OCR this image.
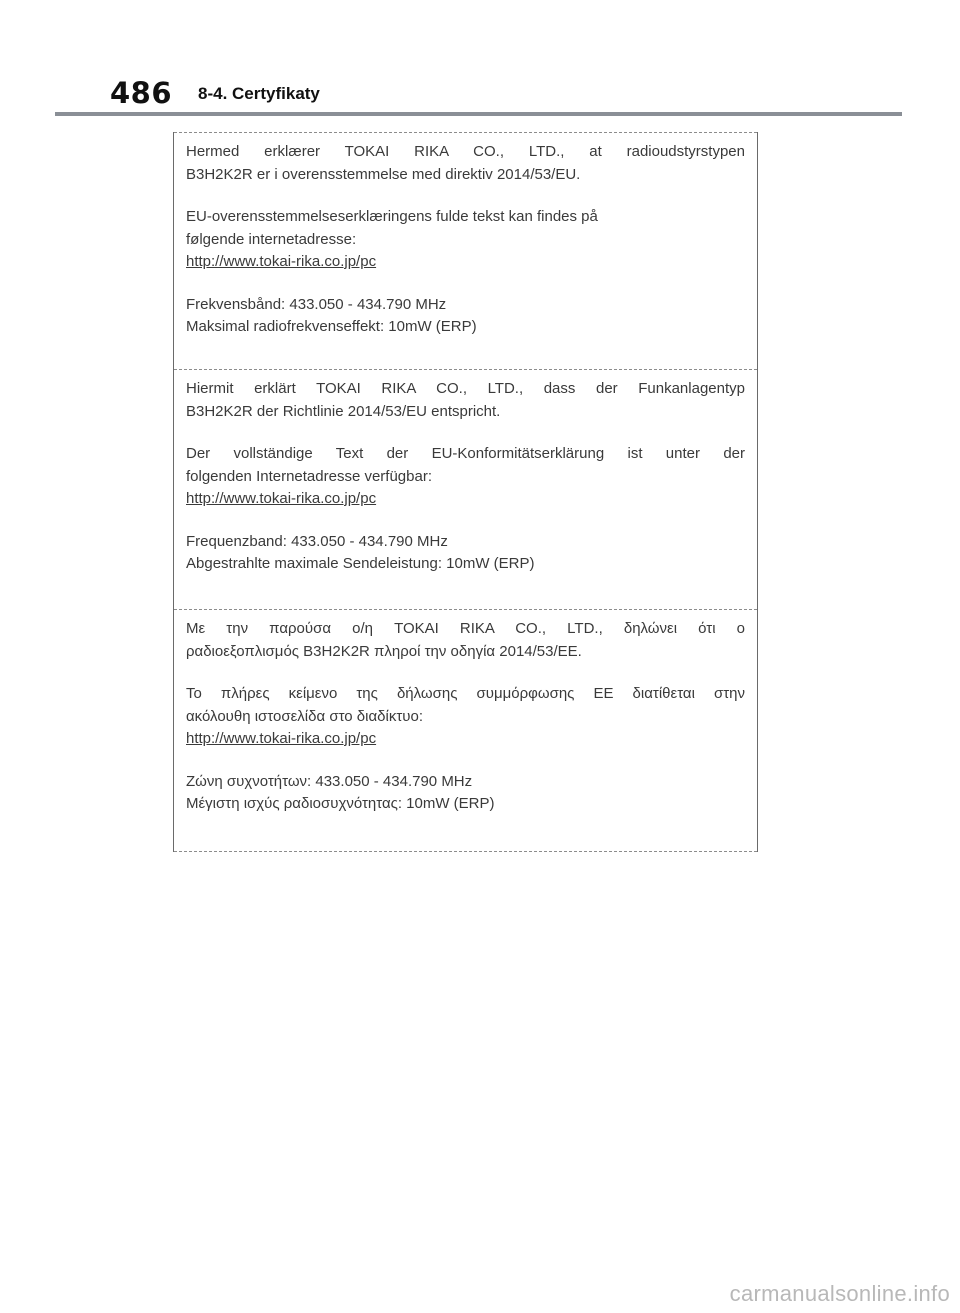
486 8-4. Certyfikaty
Hermed erklærer TOKAI RIKA CO., LTD., at radioudstyrstypen
B3H2K2R er i overensstemmelse med direktiv 2014/53/EU.
EU-overensstemmelseserklæringens fulde tekst kan findes på
følgende internetadresse:
http://www.tokai-rika.co.jp/pc
Frekvensbånd: 433.050 - 434.790 MHz
Maksimal radiofrekvenseffekt: 10mW (ERP)
Hiermit erklärt TOKAI RIKA CO., LTD., dass der Funkanlagentyp
B3H2K2R der Richtlinie 2014/53/EU entspricht.
Der vollständige Text der EU-Konformitätserklärung ist unter der
folgenden Internetadresse verfügbar:
http://www.tokai-rika.co.jp/pc
Frequenzband: 433.050 - 434.790 MHz
Abgestrahlte maximale Sendeleistung: 10mW (ERP)
Με την παρούσα ο/η TOKAI RIKA CO., LTD., δηλώνει ότι ο
ραδιοεξοπλισμός B3H2K2R πληροί την οδηγία 2014/53/ΕΕ.
Το πλήρες κείμενο της δήλωσης συμμόρφωσης ΕΕ διατίθεται στην
ακόλουθη ιστοσελίδα στο διαδίκτυο:
http://www.tokai-rika.co.jp/pc
Ζώνη συχνοτήτων: 433.050 - 434.790 MHz
Μέγιστη ισχύς ραδιοσυχνότητας: 10mW (ERP)
carmanualsonline.info
